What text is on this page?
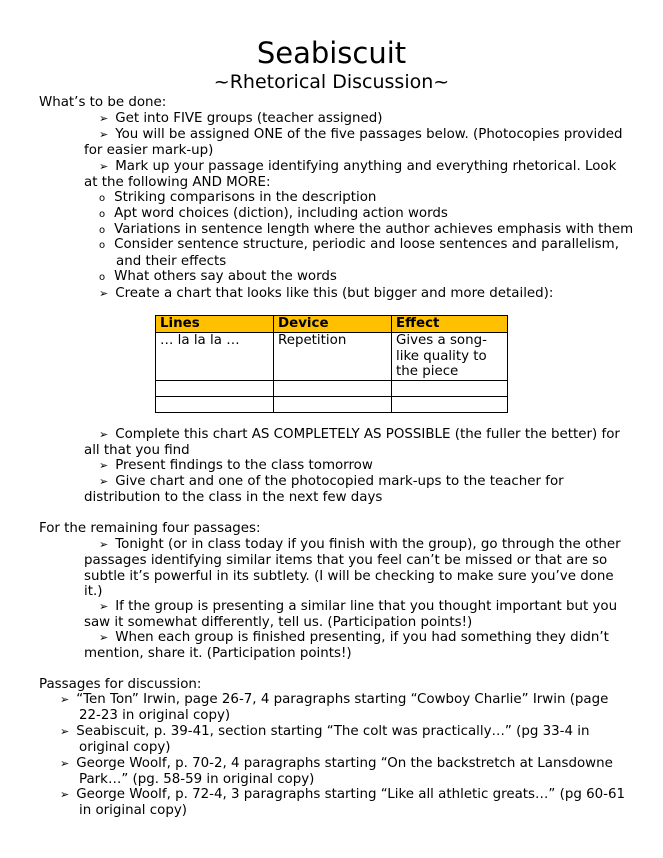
Seabiscuit
~Rhetorical Discussion~
What’s to be done:
➢ Get into FIVE groups (teacher assigned)
➢ You will be assigned ONE of the five passages below. (Photocopies provided
for easier mark-up)
➢ Mark up your passage identifying anything and everything rhetorical. Look
at the following AND MORE:
o Striking comparisons in the description
o Apt word choices (diction), including action words
o Variations in sentence length where the author achieves emphasis with them
o Consider sentence structure, periodic and loose sentences and parallelism,
and their effects
o What others say about the words
➢ Create a chart that looks like this (but bigger and more detailed):
Lines	Device	Effect
… la la la …	Repetition	Gives a song-
like quality to
the piece

➢ Complete this chart AS COMPLETELY AS POSSIBLE (the fuller the better) for
all that you find
➢ Present findings to the class tomorrow
➢ Give chart and one of the photocopied mark-ups to the teacher for
distribution to the class in the next few days
For the remaining four passages:
➢ Tonight (or in class today if you finish with the group), go through the other
passages identifying similar items that you feel can’t be missed or that are so
subtle it’s powerful in its subtlety. (I will be checking to make sure you’ve done
it.)
➢ If the group is presenting a similar line that you thought important but you
saw it somewhat differently, tell us. (Participation points!)
➢ When each group is finished presenting, if you had something they didn’t
mention, share it. (Participation points!)
Passages for discussion:
➢ “Ten Ton” Irwin, page 26-7, 4 paragraphs starting “Cowboy Charlie” Irwin (page
22-23 in original copy)
➢ Seabiscuit, p. 39-41, section starting “The colt was practically…” (pg 33-4 in
original copy)
➢ George Woolf, p. 70-2, 4 paragraphs starting “On the backstretch at Lansdowne
Park…” (pg. 58-59 in original copy)
➢ George Woolf, p. 72-4, 3 paragraphs starting “Like all athletic greats…” (pg 60-61
in original copy)
